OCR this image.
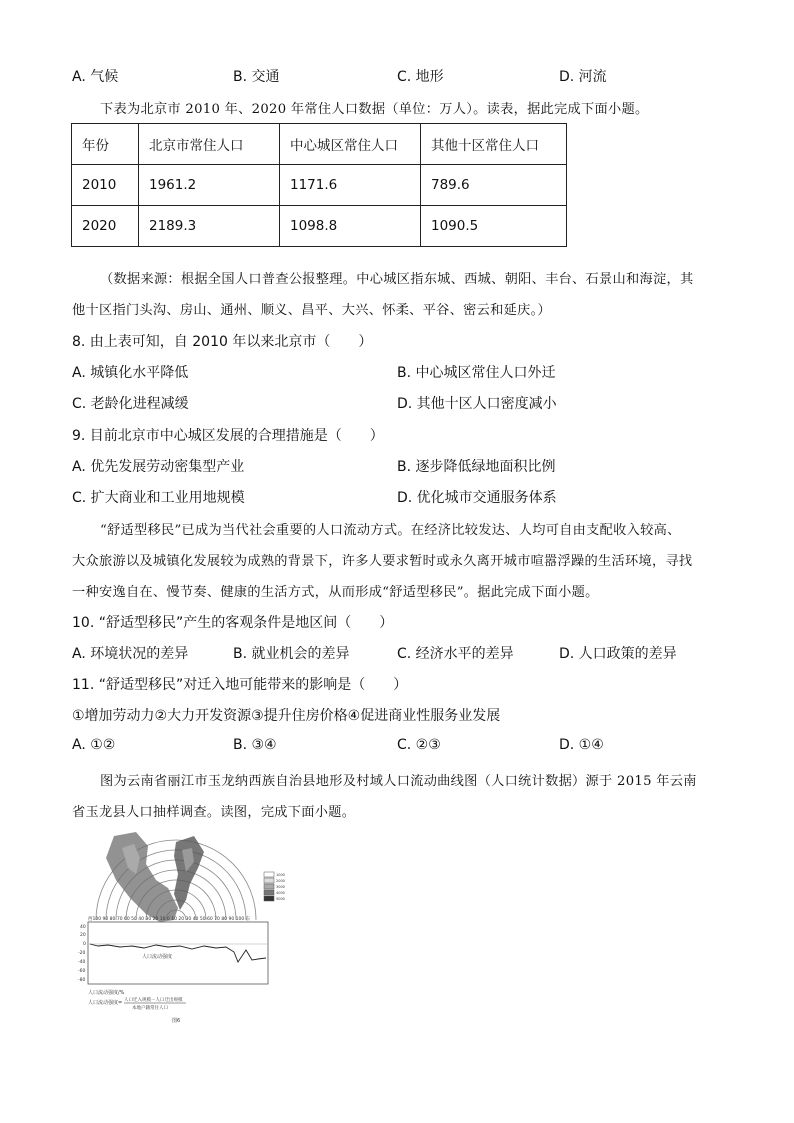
A. 气候	B. 交通	C. 地形	D. 河流
下表为北京市 2010 年、2020 年常住人口数据（单位：万人）。读表，据此完成下面小题。
年份	北京市常住人口	中心城区常住人口	其他十区常住人口
2010	1961.2	1171.6	789.6
2020	2189.3	1098.8	1090.5
（数据来源：根据全国人口普查公报整理。中心城区指东城、西城、朝阳、丰台、石景山和海淀，其
他十区指门头沟、房山、通州、顺义、昌平、大兴、怀柔、平谷、密云和延庆。）
8. 由上表可知，自 2010 年以来北京市（　　）
A. 城镇化水平降低	B. 中心城区常住人口外迁
C. 老龄化进程减缓	D. 其他十区人口密度减小
9. 目前北京市中心城区发展的合理措施是（　　）
A. 优先发展劳动密集型产业	B. 逐步降低绿地面积比例
C. 扩大商业和工业用地规模	D. 优化城市交通服务体系
“舒适型移民”已成为当代社会重要的人口流动方式。在经济比较发达、人均可自由支配收入较高、
大众旅游以及城镇化发展较为成熟的背景下，许多人要求暂时或永久离开城市喧嚣浮躁的生活环境，寻找
一种安逸自在、慢节奏、健康的生活方式，从而形成“舒适型移民”。据此完成下面小题。
10. “舒适型移民”产生的客观条件是地区间（　　）
A. 环境状况的差异	B. 就业机会的差异	C. 经济水平的差异	D. 人口政策的差异
11. “舒适型移民”对迁入地可能带来的影响是（　　）
①增加劳动力②大力开发资源③提升住房价格④促进商业性服务业发展
A. ①②	B. ③④	C. ②③	D. ①④
图为云南省丽江市玉龙纳西族自治县地形及村域人口流动曲线图（人口统计数据）源于 2015 年云南
省玉龙县人口抽样调查。读图，完成下面小题。
1000
2000
3000
4000
5000
西100 90 80 70 60 50 40 30 20 10 0 10 20 30 40 50 60 70 80 90 100 东
40
20
0
-20
-40
-60
-80
人口流动强度
人口流动强度/%
人口流动强度= 人口迁入规模－人口迁出规模
本地户籍常住人口
图6
